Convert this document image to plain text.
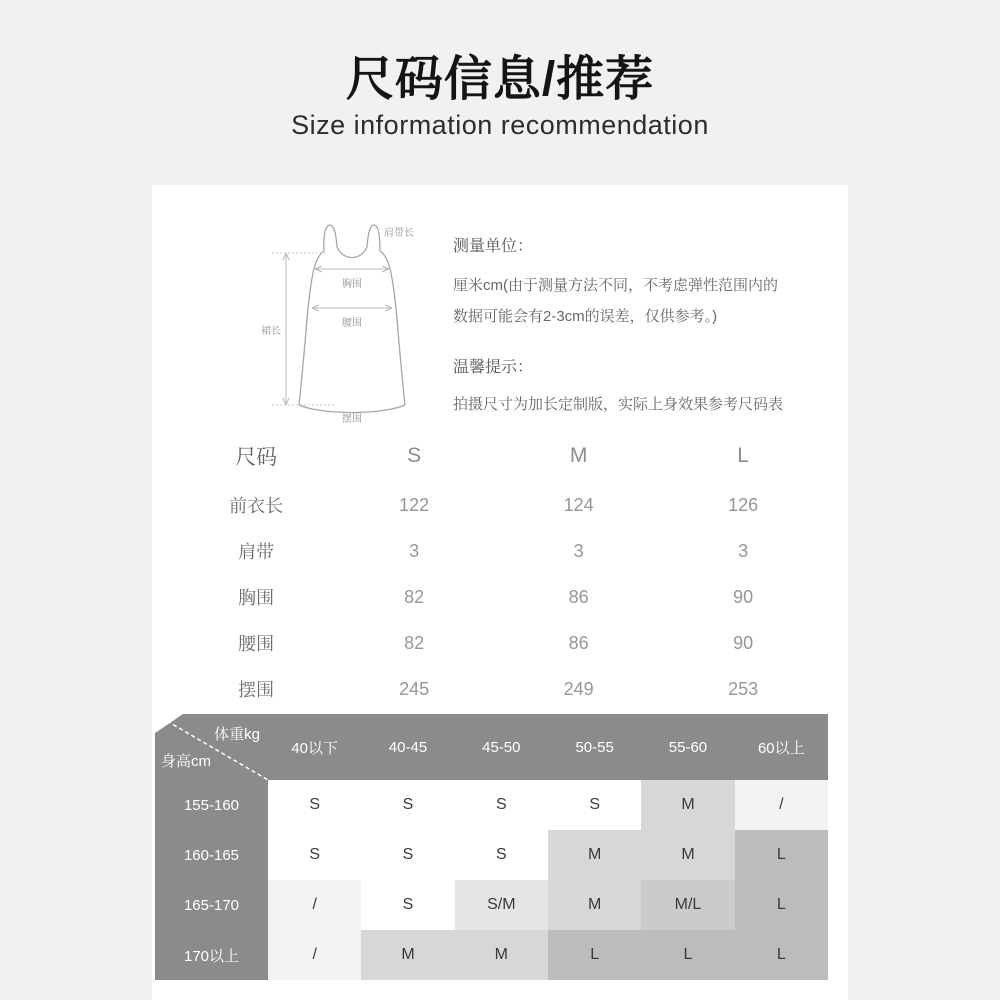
尺码信息/推荐
Size information recommendation
肩带长
胸围
腰围
裙长
摆围

测量单位：

厘米cm(由于测量方法不同，不考虑弹性范围内的

数据可能会有2-3cm的误差，仅供参考。)

温馨提示：

拍摄尺寸为加长定制版，实际上身效果参考尺码表

尺码	S	M	L
前衣长	122	124	126
肩带	3	3	3
胸围	82	86	90
腰围	82	86	90
摆围	245	249	253
体重kg
身高cm	40以下	40-45	45-50	50-55	55-60	60以上
155-160	S	S	S	S	M	/
160-165	S	S	S	M	M	L
165-170	/	S	S/M	M	M/L	L
170以上	/	M	M	L	L	L
